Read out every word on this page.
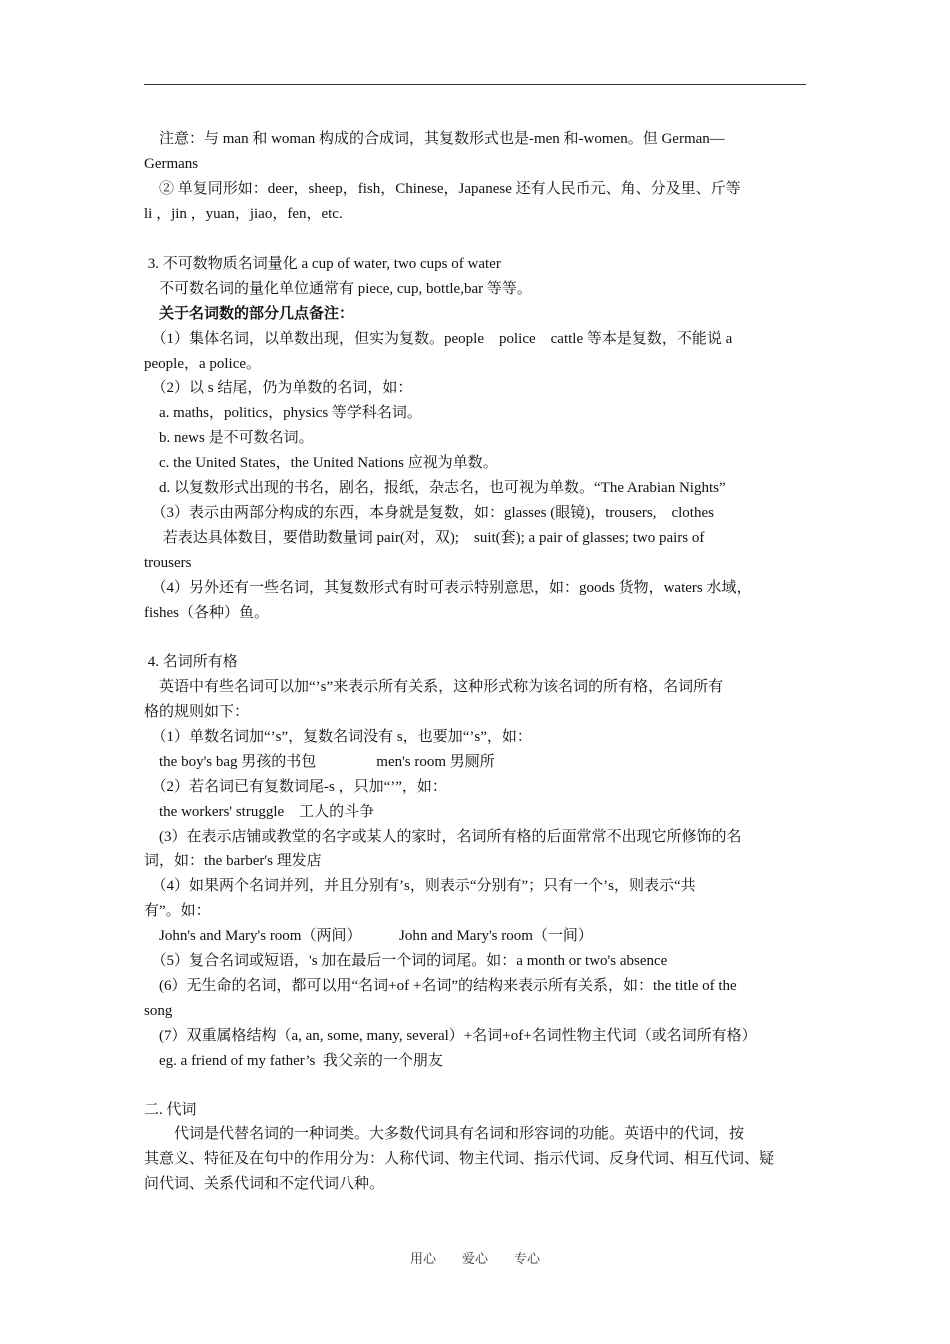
　注意：与 man 和 woman 构成的合成词，其复数形式也是-men 和-women。但 German—
Germans
　② 单复同形如：deer，sheep，fish，Chinese，Japanese 还有人民币元、角、分及里、斤等
li ，jin ，yuan，jiao，fen，etc.
3. 不可数物质名词量化 a cup of water, two cups of water
　不可数名词的量化单位通常有 piece, cup, bottle,bar 等等。
　关于名词数的部分几点备注：
　（1）集体名词，以单数出现，但实为复数。people　police　cattle 等本是复数，不能说 a
people，a police。
　（2）以 s 结尾，仍为单数的名词，如：
　a. maths，politics，physics 等学科名词。
　b. news 是不可数名词。
　c. the United States，the United Nations 应视为单数。
　d. 以复数形式出现的书名，剧名，报纸，杂志名，也可视为单数。“The Arabian Nights”
　（3）表示由两部分构成的东西，本身就是复数，如：glasses (眼镜)，trousers,　clothes
　 若表达具体数目，要借助数量词 pair(对，双);　suit(套); a pair of glasses; two pairs of
trousers
　（4）另外还有一些名词，其复数形式有时可表示特别意思，如：goods 货物，waters 水域，
fishes（各种）鱼。
4. 名词所有格
　英语中有些名词可以加“’s”来表示所有关系，这种形式称为该名词的所有格，名词所有
格的规则如下：
　（1）单数名词加“’s”，复数名词没有 s，也要加“’s”，如：
　the boy's bag 男孩的书包　　　　men's room 男厕所
　（2）若名词已有复数词尾-s ，只加“’”，如：
　the workers' struggle　工人的斗争
　(3）在表示店铺或教堂的名字或某人的家时，名词所有格的后面常常不出现它所修饰的名
词，如：the barber's 理发店
　（4）如果两个名词并列，并且分别有’s，则表示“分别有”；只有一个’s，则表示“共
有”。如：
　John's and Mary's room（两间）　　　John and Mary's room（一间）
　（5）复合名词或短语，'s 加在最后一个词的词尾。如：a month or two's absence
　(6）无生命的名词，都可以用“名词+of +名词”的结构来表示所有关系，如：the title of the
song
　(7）双重属格结构（a, an, some, many, several）+名词+of+名词性物主代词（或名词所有格）
　eg. a friend of my father’s  我父亲的一个朋友
二. 代词
　　代词是代替名词的一种词类。大多数代词具有名词和形容词的功能。英语中的代词，按
其意义、特征及在句中的作用分为：人称代词、物主代词、指示代词、反身代词、相互代词、疑
问代词、关系代词和不定代词八种。
用心　　爱心　　专心
